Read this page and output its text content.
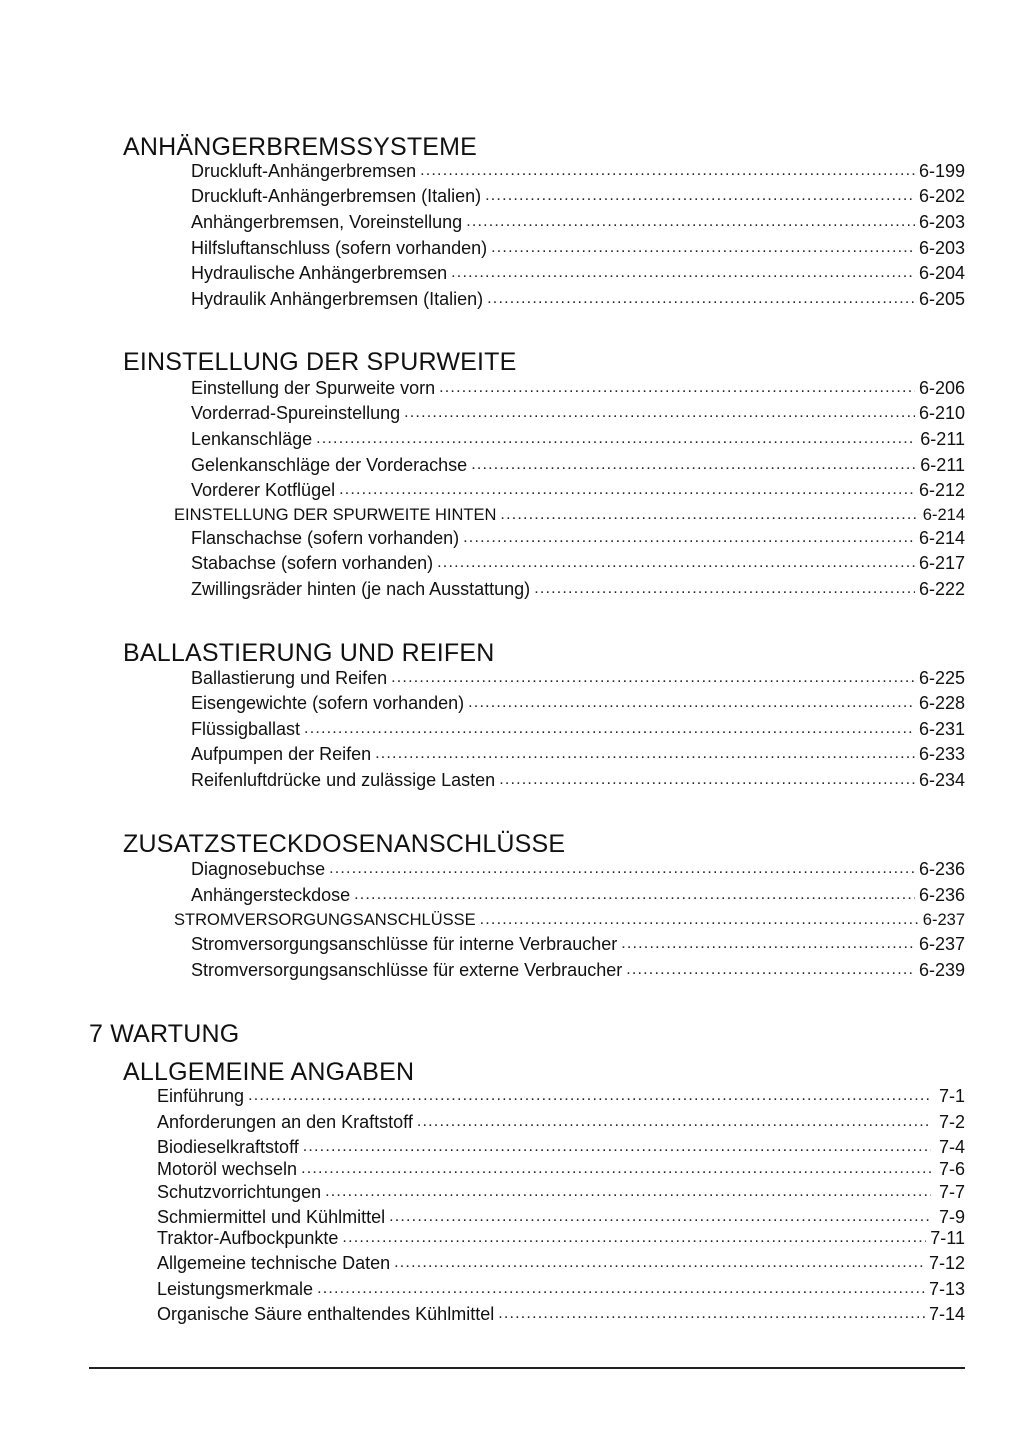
ANHÄNGERBREMSSYSTEME
Druckluft-Anhängerbremsen .....	6-199
Druckluft-Anhängerbremsen (Italien) .....	6-202
Anhängerbremsen, Voreinstellung .....	6-203
Hilfsluftanschluss (sofern vorhanden) .....	6-203
Hydraulische Anhängerbremsen .....	6-204
Hydraulik Anhängerbremsen (Italien) .....	6-205
EINSTELLUNG DER SPURWEITE
Einstellung der Spurweite vorn .....	6-206
Vorderrad-Spureinstellung .....	6-210
Lenkanschläge .....	6-211
Gelenkanschläge der Vorderachse .....	6-211
Vorderer Kotflügel .....	6-212
EINSTELLUNG DER SPURWEITE HINTEN .....	6-214
Flanschachse (sofern vorhanden) .....	6-214
Stabachse (sofern vorhanden) .....	6-217
Zwillingsräder hinten (je nach Ausstattung) .....	6-222
BALLASTIERUNG UND REIFEN
Ballastierung und Reifen .....	6-225
Eisengewichte (sofern vorhanden) .....	6-228
Flüssigballast .....	6-231
Aufpumpen der Reifen .....	6-233
Reifenluftdrücke und zulässige Lasten .....	6-234
ZUSATZSTECKDOSENANSCHLÜSSE
Diagnosebuchse .....	6-236
Anhängersteckdose .....	6-236
STROMVERSORGUNGSANSCHLÜSSE .....	6-237
Stromversorgungsanschlüsse für interne Verbraucher .....	6-237
Stromversorgungsanschlüsse für externe Verbraucher .....	6-239
7 WARTUNG
ALLGEMEINE ANGABEN
Einführung .....	7-1
Anforderungen an den Kraftstoff .....	7-2
Biodieselkraftstoff .....	7-4
Motoröl wechseln .....	7-6
Schutzvorrichtungen .....	7-7
Schmiermittel und Kühlmittel .....	7-9
Traktor-Aufbockpunkte .....	7-11
Allgemeine technische Daten .....	7-12
Leistungsmerkmale .....	7-13
Organische Säure enthaltendes Kühlmittel .....	7-14
